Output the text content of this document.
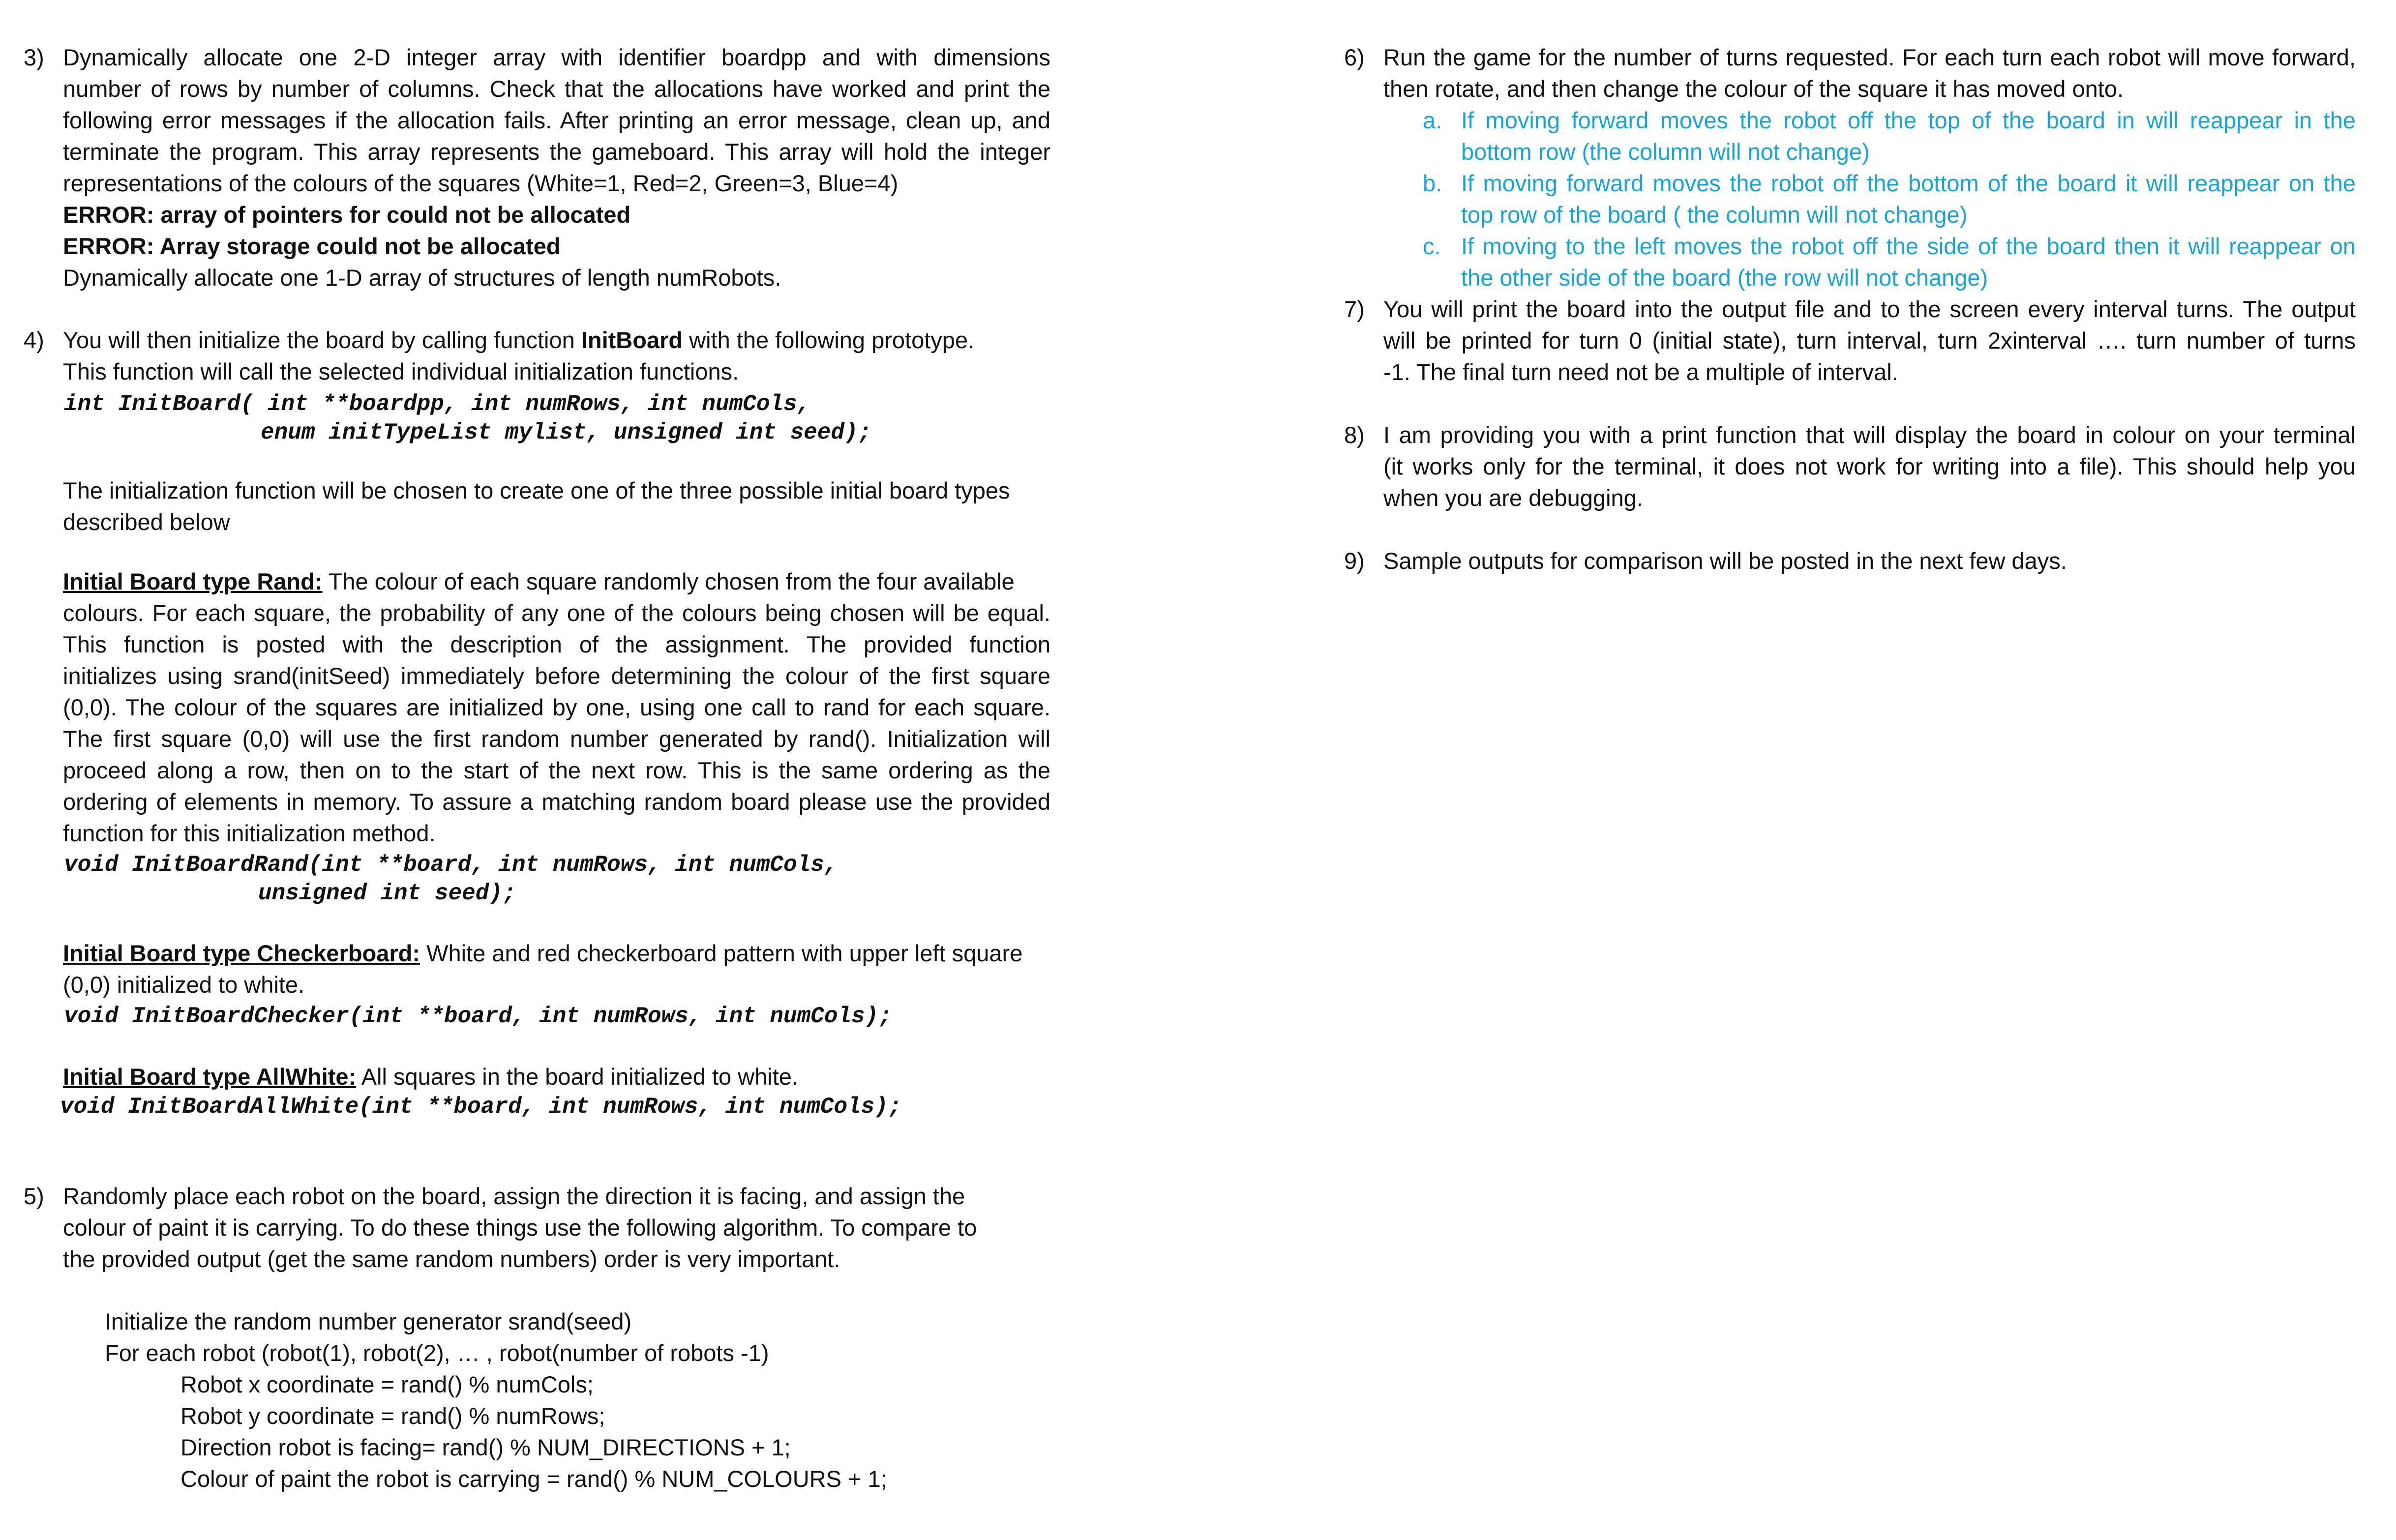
3) Dynamically allocate one 2-D integer array with identifier boardpp and with dimensions
number of rows by number of columns. Check that the allocations have worked and print the
following error messages if the allocation fails. After printing an error message, clean up, and
terminate the program. This array represents the gameboard. This array will hold the integer
representations of the colours of the squares (White=1, Red=2, Green=3, Blue=4)
ERROR: array of pointers for could not be allocated
ERROR: Array storage could not be allocated
Dynamically allocate one 1-D array of structures of length numRobots.
4) You will then initialize the board by calling function InitBoard with the following prototype.
This function will call the selected individual initialization functions.
int InitBoard( int **boardpp, int numRows, int numCols,
enum initTypeList mylist, unsigned int seed);
The initialization function will be chosen to create one of the three possible initial board types
described below
Initial Board type Rand: The colour of each square randomly chosen from the four available
colours. For each square, the probability of any one of the colours being chosen will be equal.
This function is posted with the description of the assignment. The provided function
initializes using srand(initSeed) immediately before determining the colour of the first square
(0,0). The colour of the squares are initialized by one, using one call to rand for each square.
The first square (0,0) will use the first random number generated by rand(). Initialization will
proceed along a row, then on to the start of the next row. This is the same ordering as the
ordering of elements in memory. To assure a matching random board please use the provided
function for this initialization method.
void InitBoardRand(int **board, int numRows, int numCols,
unsigned int seed);
Initial Board type Checkerboard: White and red checkerboard pattern with upper left square
(0,0) initialized to white.
void InitBoardChecker(int **board, int numRows, int numCols);
Initial Board type AllWhite: All squares in the board initialized to white.
void InitBoardAllWhite(int **board, int numRows, int numCols);
5) Randomly place each robot on the board, assign the direction it is facing, and assign the
colour of paint it is carrying. To do these things use the following algorithm. To compare to
the provided output (get the same random numbers) order is very important.
Initialize the random number generator srand(seed)
For each robot (robot(1), robot(2), … , robot(number of robots -1)
Robot x coordinate = rand() % numCols;
Robot y coordinate = rand() % numRows;
Direction robot is facing= rand() % NUM_DIRECTIONS + 1;
Colour of paint the robot is carrying = rand() % NUM_COLOURS + 1;
6) Run the game for the number of turns requested. For each turn each robot will move forward,
then rotate, and then change the colour of the square it has moved onto.
a. If moving forward moves the robot off the top of the board in will reappear in the
bottom row (the column will not change)
b. If moving forward moves the robot off the bottom of the board it will reappear on the
top row of the board ( the column will not change)
c. If moving to the left moves the robot off the side of the board then it will reappear on
the other side of the board (the row will not change)
7) You will print the board into the output file and to the screen every interval turns. The output
will be printed for turn 0 (initial state), turn interval, turn 2xinterval …. turn number of turns
-1. The final turn need not be a multiple of interval.
8) I am providing you with a print function that will display the board in colour on your terminal
(it works only for the terminal, it does not work for writing into a file). This should help you
when you are debugging.
9) Sample outputs for comparison will be posted in the next few days.
